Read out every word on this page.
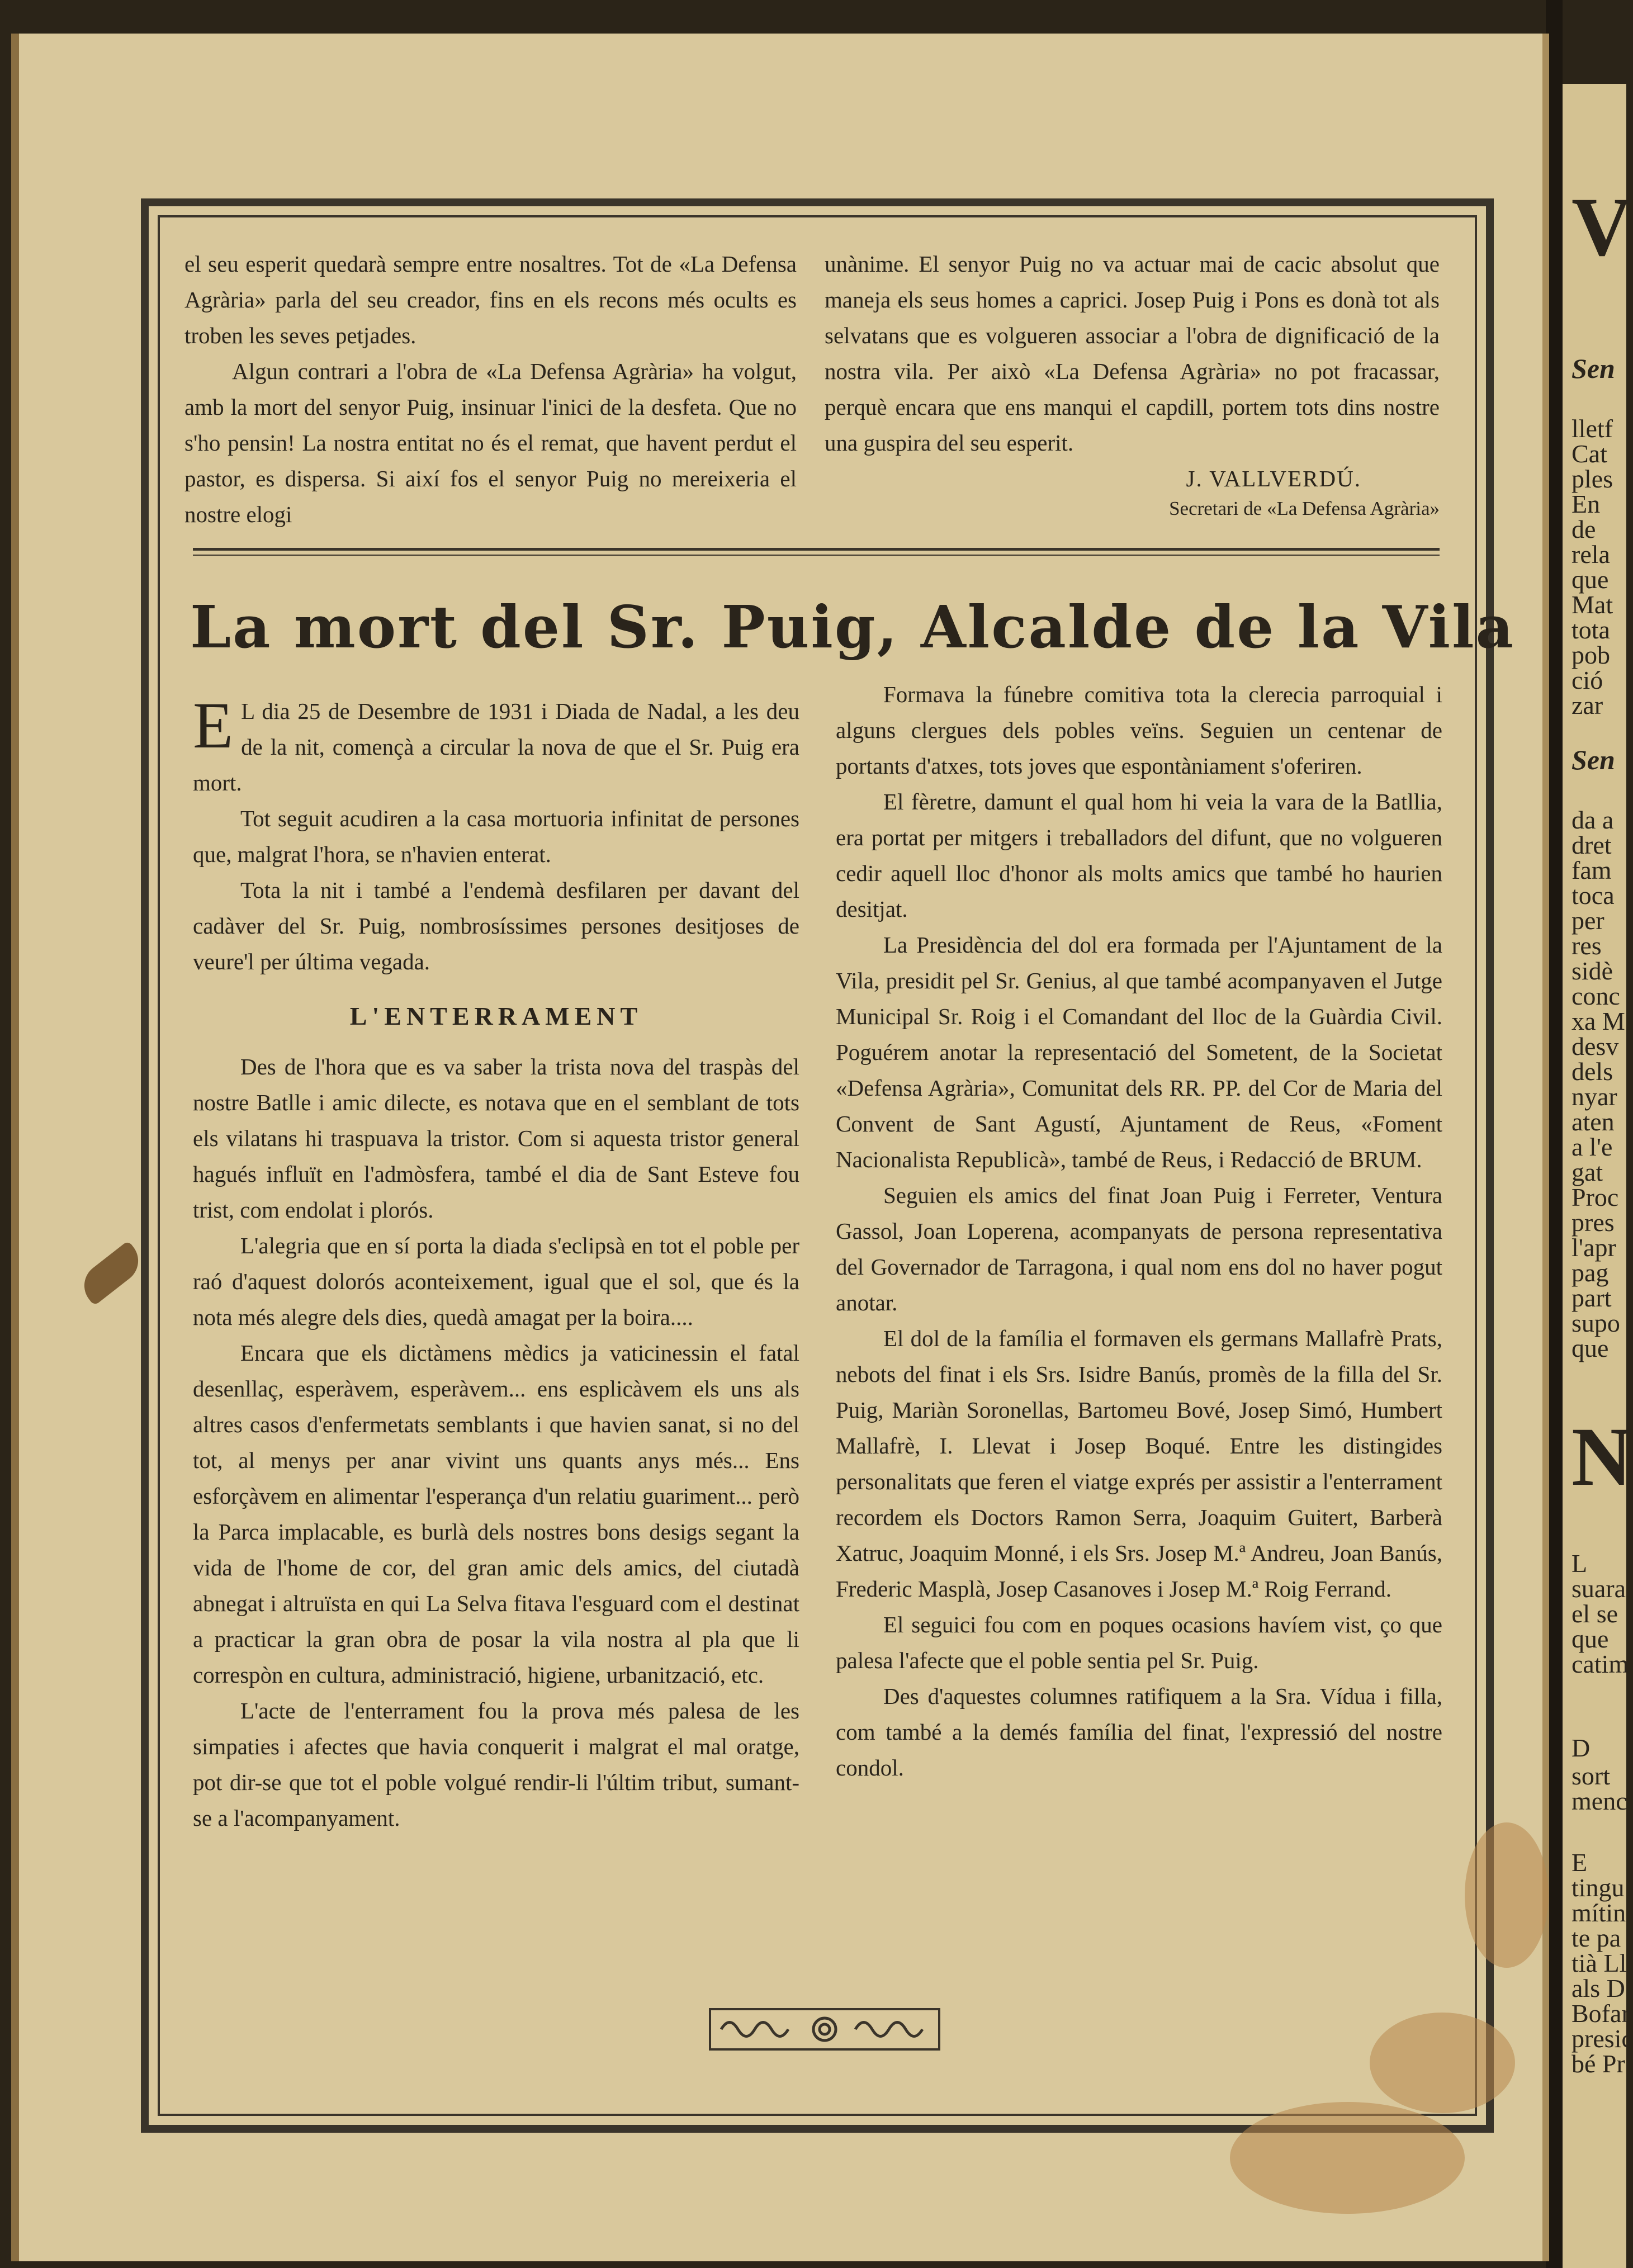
V
Sen
lletf
Cat
ples
En
de
rela
que
Mat
tota
pob
ció
zar
Sen
da a
dret
fam
toca
per
res
sidè
conc
xa M
desv
dels
nyar
aten
a l'e
gat
Proc
pres
l'apr
pag
part
supo
que
N
L
suara
el se
que
catim
D
sort
menc
E
tingu
mítin
te pa
tià Ll
als D
Bofar
presic
bé Pr

el seu esperit quedarà sempre entre nosaltres. Tot de «La Defensa Agrària» parla del seu creador, fins en els recons més ocults es troben les seves petjades.

Algun contrari a l'obra de «La Defensa Agrària» ha volgut, amb la mort del senyor Puig, insinuar l'inici de la desfeta. Que no s'ho pensin! La nostra entitat no és el remat, que havent perdut el pastor, es dispersa. Si així fos el senyor Puig no mereixeria el nostre elogi

unànime. El senyor Puig no va actuar mai de cacic absolut que maneja els seus homes a caprici. Josep Puig i Pons es donà tot als selvatans que es volgueren associar a l'obra de dignificació de la nostra vila. Per això «La Defensa Agrària» no pot fracassar, perquè encara que ens manqui el capdill, portem tots dins nostre una guspira del seu esperit.

J. VALLVERDÚ.
Secretari de «La Defensa Agrària»
La mort del Sr. Puig, Alcalde de la Vila

E L dia 25 de Desembre de 1931 i Diada de Nadal, a les deu de la nit, començà a circular la nova de que el Sr. Puig era mort.

Tot seguit acudiren a la casa mortuoria infinitat de persones que, malgrat l'hora, se n'havien enterat.

Tota la nit i també a l'endemà desfilaren per davant del cadàver del Sr. Puig, nombrosíssimes persones desitjoses de veure'l per última vegada.

L'ENTERRAMENT

Des de l'hora que es va saber la trista nova del traspàs del nostre Batlle i amic dilecte, es notava que en el semblant de tots els vilatans hi traspuava la tristor. Com si aquesta tristor general hagués influït en l'admòsfera, també el dia de Sant Esteve fou trist, com endolat i plorós.

L'alegria que en sí porta la diada s'eclipsà en tot el poble per raó d'aquest dolorós aconteixement, igual que el sol, que és la nota més alegre dels dies, quedà amagat per la boira....

Encara que els dictàmens mèdics ja vaticinessin el fatal desenllaç, esperàvem, esperàvem... ens esplicàvem els uns als altres casos d'enfermetats semblants i que havien sanat, si no del tot, al menys per anar vivint uns quants anys més... Ens esforçàvem en alimentar l'esperança d'un relatiu guariment... però la Parca implacable, es burlà dels nostres bons desigs segant la vida de l'home de cor, del gran amic dels amics, del ciutadà abnegat i altruïsta en qui La Selva fitava l'esguard com el destinat a practicar la gran obra de posar la vila nostra al pla que li correspòn en cultura, administració, higiene, urbanització, etc.

L'acte de l'enterrament fou la prova més palesa de les simpaties i afectes que havia conquerit i malgrat el mal oratge, pot dir-se que tot el poble volgué rendir-li l'últim tribut, sumant-se a l'acompanyament.

Formava la fúnebre comitiva tota la clerecia parroquial i alguns clergues dels pobles veïns. Seguien un centenar de portants d'atxes, tots joves que espontàniament s'oferiren.

El fèretre, damunt el qual hom hi veia la vara de la Batllia, era portat per mitgers i treballadors del difunt, que no volgueren cedir aquell lloc d'honor als molts amics que també ho haurien desitjat.

La Presidència del dol era formada per l'Ajuntament de la Vila, presidit pel Sr. Genius, al que també acompanyaven el Jutge Municipal Sr. Roig i el Comandant del lloc de la Guàrdia Civil. Poguérem anotar la representació del Sometent, de la Societat «Defensa Agrària», Comunitat dels RR. PP. del Cor de Maria del Convent de Sant Agustí, Ajuntament de Reus, «Foment Nacionalista Republicà», també de Reus, i Redacció de BRUM.

Seguien els amics del finat Joan Puig i Ferreter, Ventura Gassol, Joan Loperena, acompanyats de persona representativa del Governador de Tarragona, i qual nom ens dol no haver pogut anotar.

El dol de la família el formaven els germans Mallafrè Prats, nebots del finat i els Srs. Isidre Banús, promès de la filla del Sr. Puig, Mariàn Soronellas, Bartomeu Bové, Josep Simó, Humbert Mallafrè, I. Llevat i Josep Boqué. Entre les distingides personalitats que feren el viatge exprés per assistir a l'enterrament recordem els Doctors Ramon Serra, Joaquim Guitert, Barberà Xatruc, Joaquim Monné, i els Srs. Josep M.ª Andreu, Joan Banús, Frederic Masplà, Josep Casanoves i Josep M.ª Roig Ferrand.

El seguici fou com en poques ocasions havíem vist, ço que palesa l'afecte que el poble sentia pel Sr. Puig.

Des d'aquestes columnes ratifiquem a la Sra. Vídua i filla, com també a la demés família del finat, l'expressió del nostre condol.
